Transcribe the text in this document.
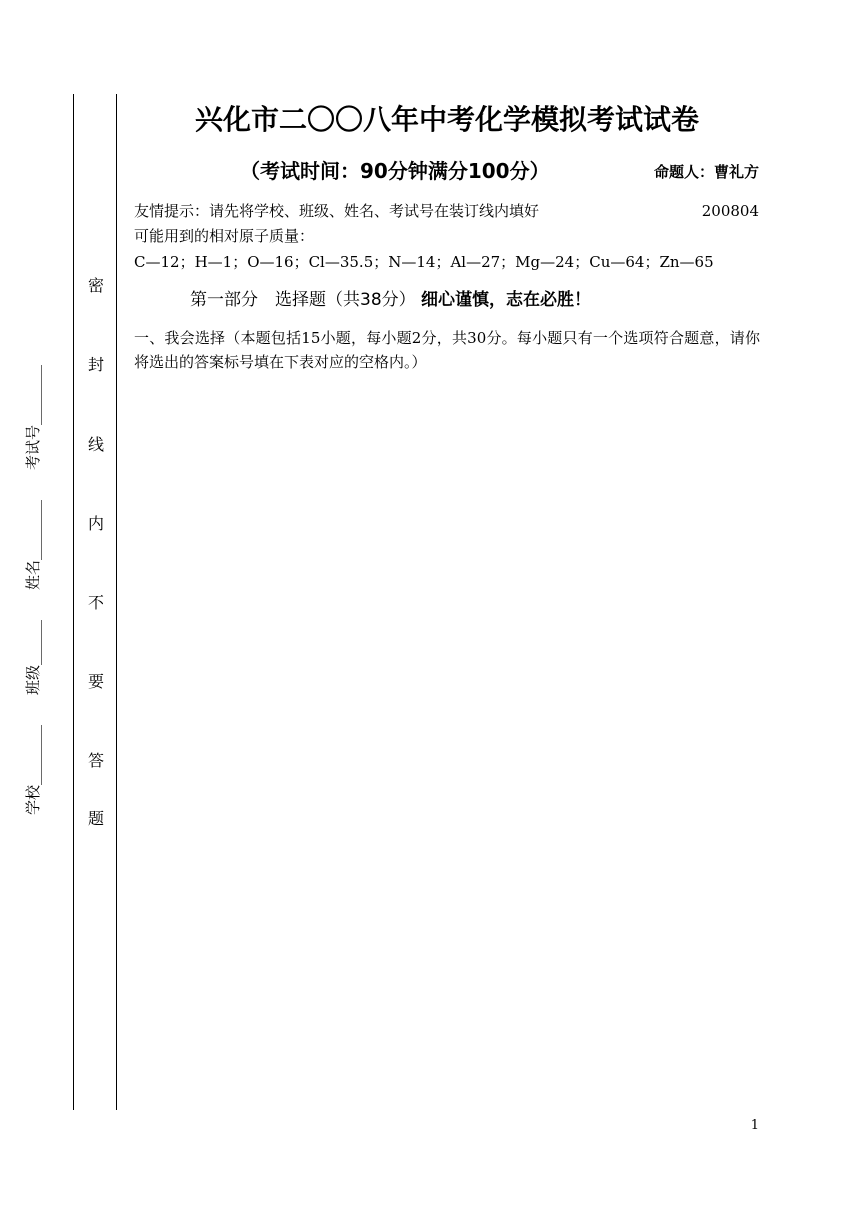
学校________　　班级______　　姓名________　　考试号________
密
封
线
内
不
要
答
题
兴化市二〇〇八年中考化学模拟考试试卷
（考试时间：90分钟满分100分）	命题人：曹礼方
友情提示：请先将学校、班级、姓名、考试号在装订线内填好	200804
可能用到的相对原子质量：
C—12；H—1；O—16；Cl—35.5；N—14；Al—27；Mg—24；Cu—64；Zn—65
第一部分　选择题（共38分） 细心谨慎，志在必胜！
一、我会选择（本题包括15小题，每小题2分，共30分。每小题只有一个选项符合题意，请你将选出的答案标号填在下表对应的空格内。）
1
